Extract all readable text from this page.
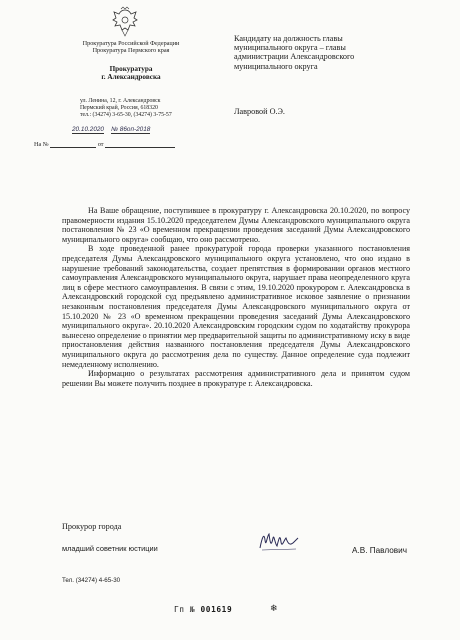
Прокуратура Российской Федерации
Прокуратура Пермского края
Прокуратура
г. Александровска
ул. Ленина, 12, г. Александровск
Пермский край, Россия, 618320
тел.: (34274) 3-65-30, (34274) 3-75-57
20.10.2020 № 86оп-2018
На №	от
Кандидату на должность главы
муниципального округа – главы
администрации Александровского
муниципального округа
Лавровой О.Э.

На Ваше обращение, поступившее в прокуратуру г. Александровска 20.10.2020, по вопросу правомерности издания 15.10.2020 председателем Думы Александровского муниципального округа постановления № 23 «О временном прекращении проведения заседаний Думы Александровского муниципального округа» сообщаю, что оно рассмотрено.

В ходе проведенной ранее прокуратурой города проверки указанного постановления председателя Думы Александровского муниципального округа установлено, что оно издано в нарушение требований законодательства, создает препятствия в формировании органов местного самоуправления Александровского муниципального округа, нарушает права неопределенного круга лиц в сфере местного самоуправления. В связи с этим, 19.10.2020 прокурором г. Александровска в Александровский городской суд предъявлено административное исковое заявление о признании незаконным постановления председателя Думы Александровского муниципального округа от 15.10.2020 № 23 «О временном прекращении проведения заседаний Думы Александровского муниципального округа». 20.10.2020 Александровским городским судом по ходатайству прокурора вынесено определение о принятии мер предварительной защиты по административному иску в виде приостановления действия названного постановления председателя Думы Александровского муниципального округа до рассмотрения дела по существу. Данное определение суда подлежит немедленному исполнению.

Информацию о результатах рассмотрения административного дела и принятом судом решении Вы можете получить позднее в прокуратуре г. Александровска.

Прокурор города
младший советник юстиции	А.В. Павлович
Тел. (34274) 4-65-30
Гп № 001619	❄
